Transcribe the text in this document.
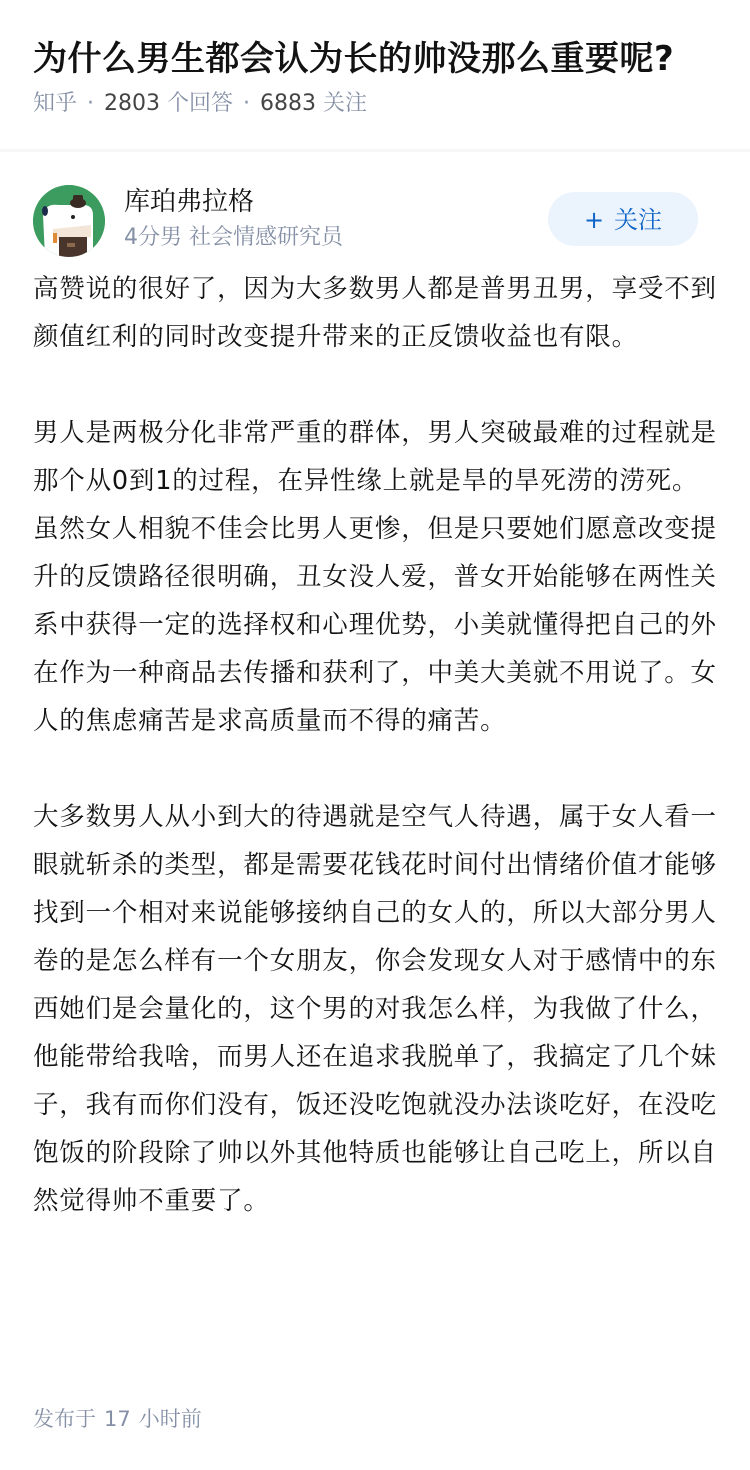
为什么男生都会认为长的帅没那么重要呢?
知乎 · 2803 个回答 · 6883 关注
库珀弗拉格
4分男 社会情感研究员
+ 关注

高赞说的很好了，因为大多数男人都是普男丑男，享受不到颜值红利的同时改变提升带来的正反馈收益也有限。

男人是两极分化非常严重的群体，男人突破最难的过程就是那个从0到1的过程，在异性缘上就是旱的旱死涝的涝死。虽然女人相貌不佳会比男人更惨，但是只要她们愿意改变提升的反馈路径很明确，丑女没人爱，普女开始能够在两性关系中获得一定的选择权和心理优势，小美就懂得把自己的外在作为一种商品去传播和获利了，中美大美就不用说了。女人的焦虑痛苦是求高质量而不得的痛苦。

大多数男人从小到大的待遇就是空气人待遇，属于女人看一眼就斩杀的类型，都是需要花钱花时间付出情绪价值才能够找到一个相对来说能够接纳自己的女人的，所以大部分男人卷的是怎么样有一个女朋友，你会发现女人对于感情中的东西她们是会量化的，这个男的对我怎么样，为我做了什么，他能带给我啥，而男人还在追求我脱单了，我搞定了几个妹子，我有而你们没有，饭还没吃饱就没办法谈吃好，在没吃饱饭的阶段除了帅以外其他特质也能够让自己吃上，所以自然觉得帅不重要了。

发布于 17 小时前
